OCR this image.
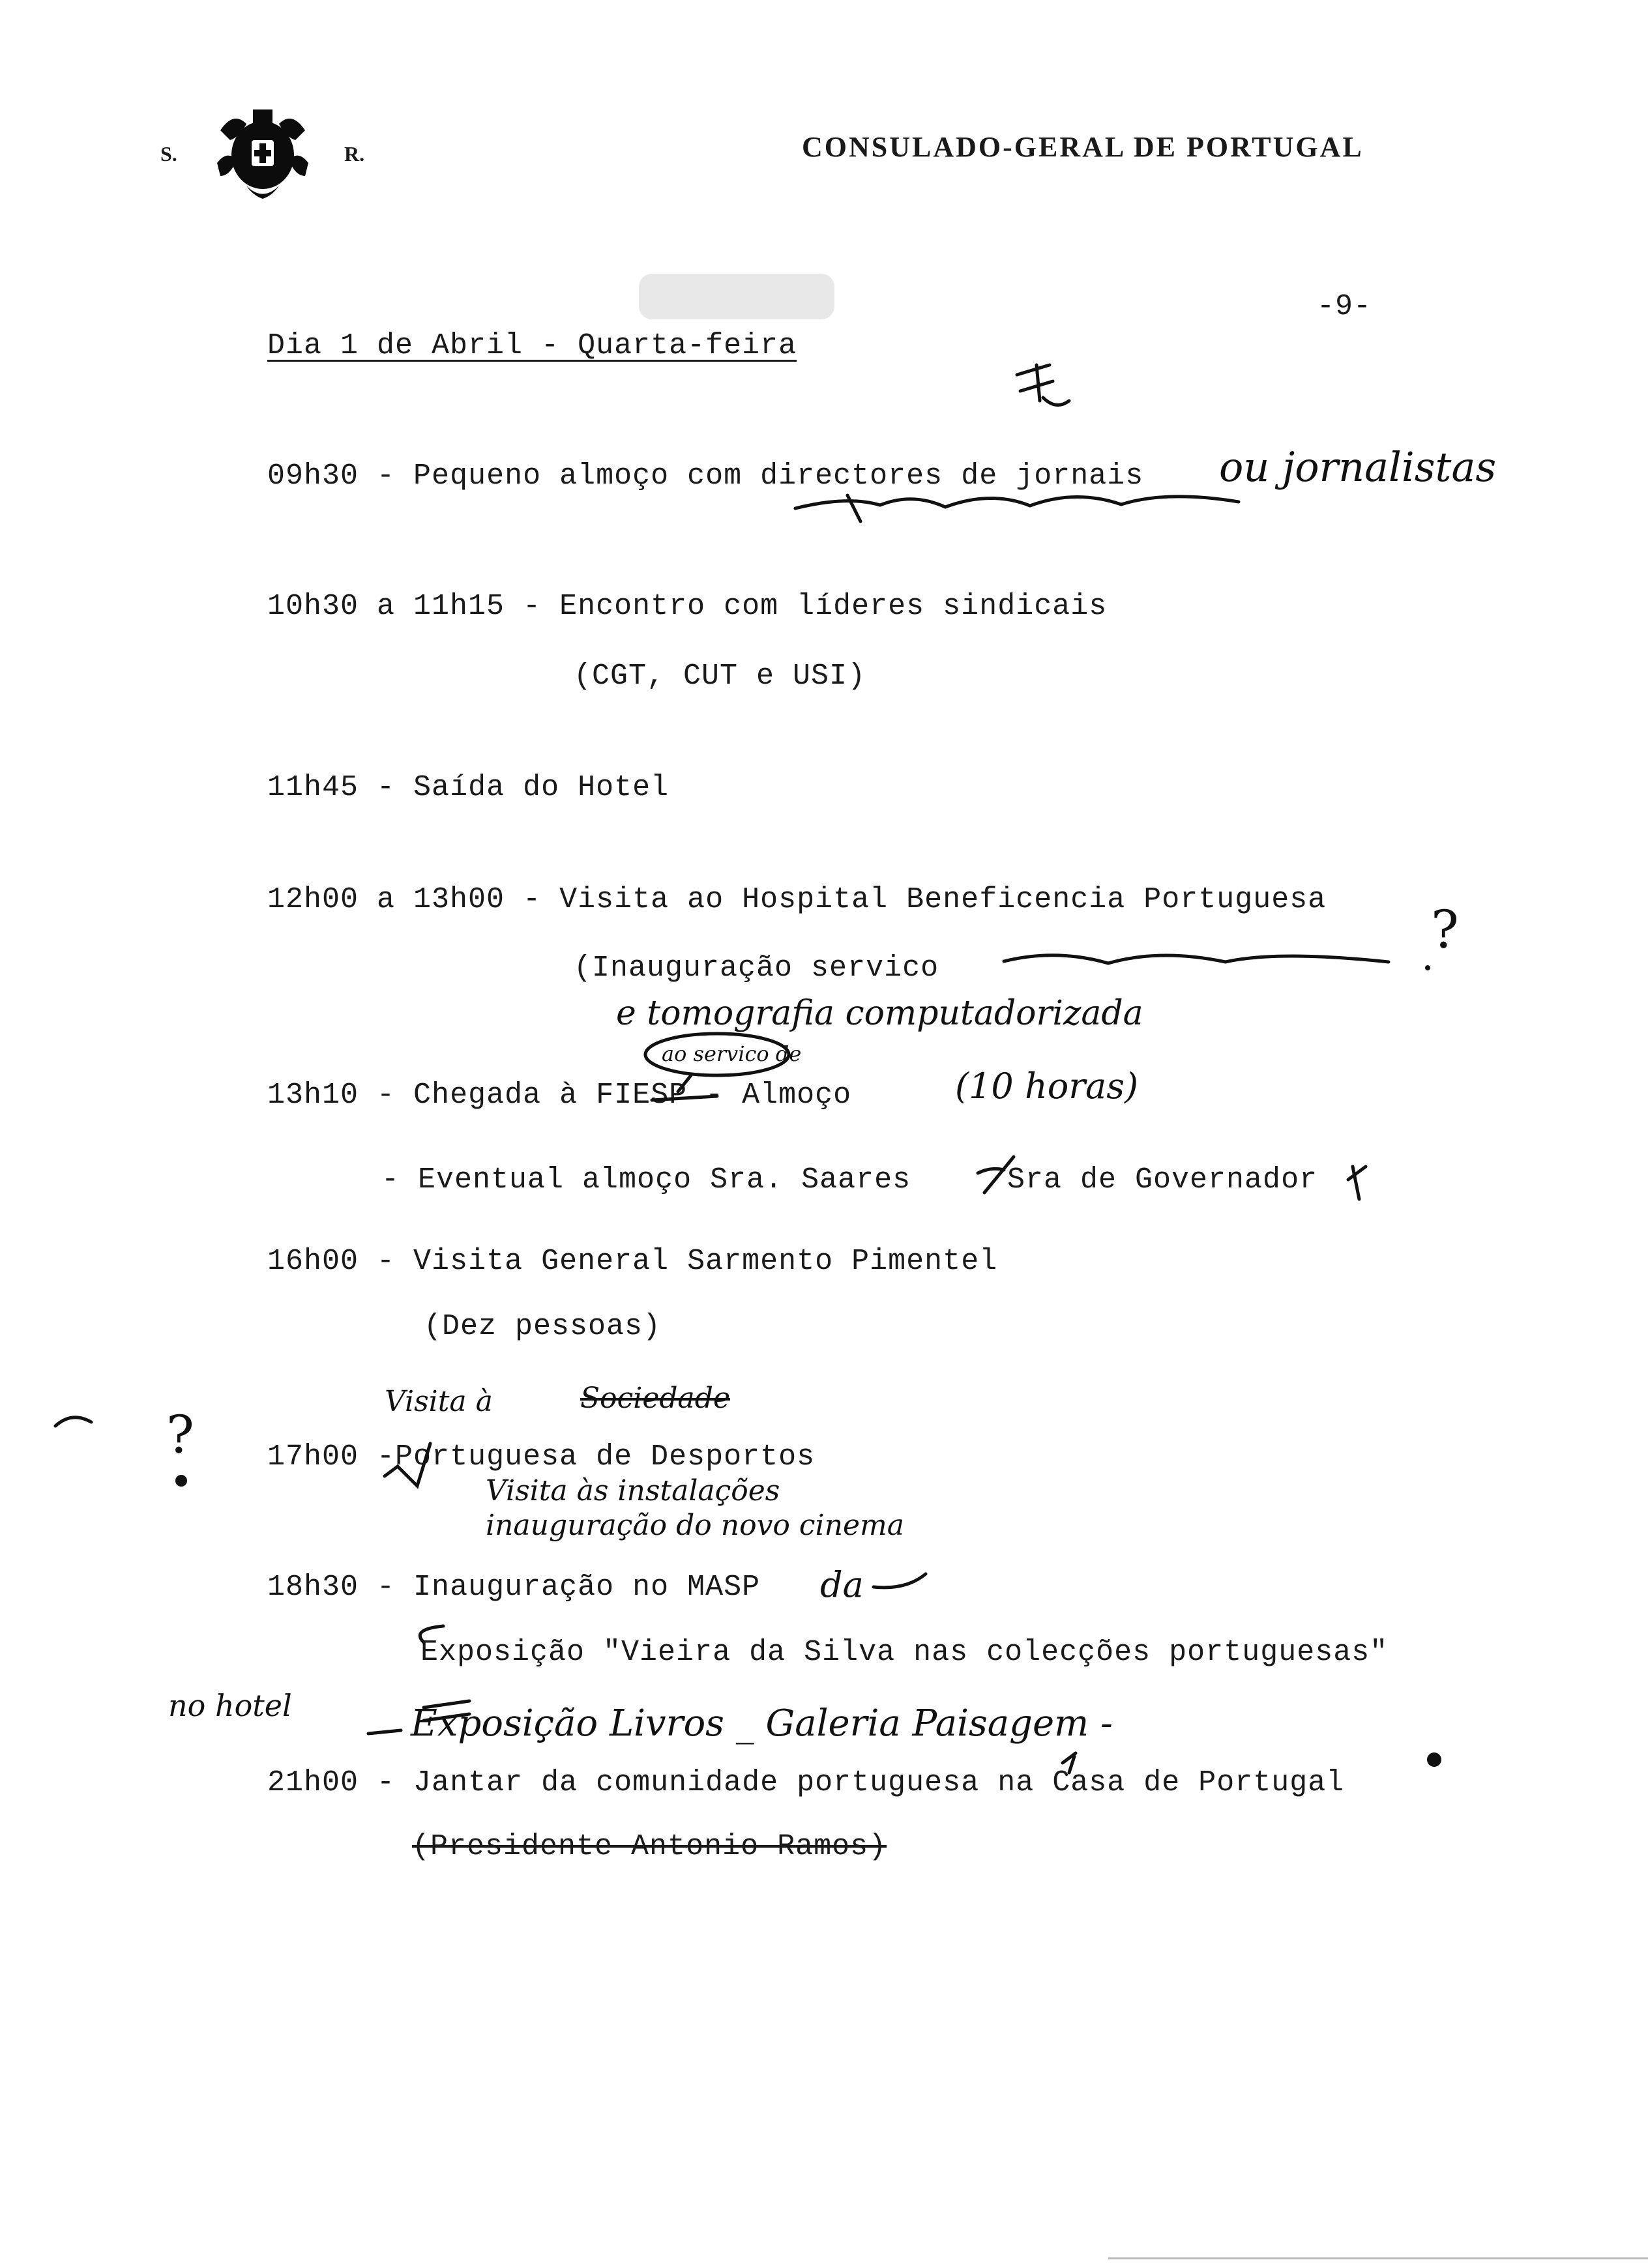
S.	R.	CONSULADO-GERAL DE PORTUGAL
-9-
Dia 1 de Abril - Quarta-feira
09h30 - Pequeno almoço com directores de jornais
10h30 a 11h15 - Encontro com líderes sindicais
(CGT, CUT e USI)
11h45 - Saída do Hotel
12h00 a 13h00 - Visita ao Hospital Beneficencia Portuguesa
(Inauguração servico
13h10 - Chegada à FIESP - Almoço
- Eventual almoço Sra. Saares	Sra de Governador
16h00 - Visita General Sarmento Pimentel
(Dez pessoas)
17h00 -Portuguesa de Desportos
18h30 - Inauguração no MASP
Exposição "Vieira da Silva nas colecções portuguesas"
21h00 - Jantar da comunidade portuguesa na Casa de Portugal
(Presidente Antonio Ramos)
ou jornalistas
e tomografia computadorizada
ao servico de
(10 horas)
Visita à	Sociedade
Visita às instalações
inauguração do novo cinema
da
no hotel	Exposição Livros _ Galeria Paisagem -
?
?
